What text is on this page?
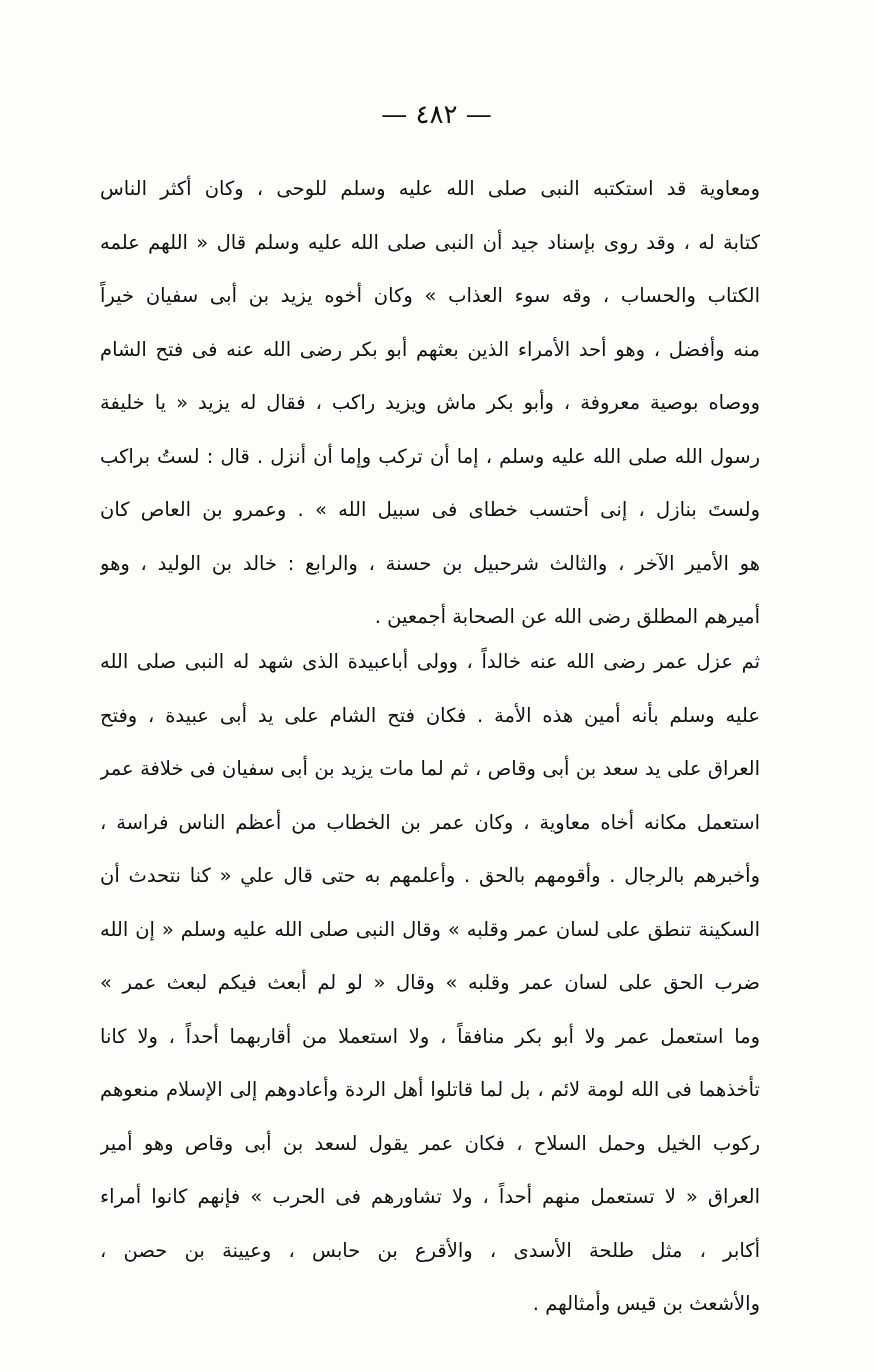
— ٤٨٢ —
ومعاوية قد استكتبه النبى صلى الله عليه وسلم للوحى ، وكان أكثر الناس
كتابة له ، وقد روى بإسناد جيد أن النبى صلى الله عليه وسلم قال « اللهم علمه
الكتاب والحساب ، وقه سوء العذاب » وكان أخوه يزيد بن أبى سفيان خيراً
منه وأفضل ، وهو أحد الأمراء الذين بعثهم أبو بكر رضى الله عنه فى فتح الشام
ووصاه بوصية معروفة ، وأبو بكر ماش ويزيد راكب ، فقال له يزيد « يا خليفة
رسول الله صلى الله عليه وسلم ، إما أن تركب وإما أن أنزل . قال : لستُ براكب
ولستَ بنازل ، إنى أحتسب خطاى فى سبيل الله » . وعمرو بن العاص كان
هو الأمير الآخر ، والثالث شرحبيل بن حسنة ، والرابع : خالد بن الوليد ، وهو
أميرهم المطلق رضى الله عن الصحابة أجمعين .
ثم عزل عمر رضى الله عنه خالداً ، وولى أباعبيدة الذى شهد له النبى صلى الله
عليه وسلم بأنه أمين هذه الأمة . فكان فتح الشام على يد أبى عبيدة ، وفتح
العراق على يد سعد بن أبى وقاص ، ثم لما مات يزيد بن أبى سفيان فى خلافة عمر
استعمل مكانه أخاه معاوية ، وكان عمر بن الخطاب من أعظم الناس فراسة ،
وأخبرهم بالرجال . وأقومهم بالحق . وأعلمهم به حتى قال علي « كنا نتحدث أن
السكينة تنطق على لسان عمر وقلبه » وقال النبى صلى الله عليه وسلم « إن الله
ضرب الحق على لسان عمر وقلبه » وقال « لو لم أبعث فيكم لبعث عمر »
وما استعمل عمر ولا أبو بكر منافقاً ، ولا استعملا من أقاربهما أحداً ، ولا كانا
تأخذهما فى الله لومة لائم ، بل لما قاتلوا أهل الردة وأعادوهم إلى الإسلام منعوهم
ركوب الخيل وحمل السلاح ، فكان عمر يقول لسعد بن أبى وقاص وهو أمير
العراق « لا تستعمل منهم أحداً ، ولا تشاورهم فى الحرب » فإنهم كانوا أمراء
أكابر ، مثل طلحة الأسدى ، والأقرع بن حابس ، وعيينة بن حصن ،
والأشعث بن قيس وأمثالهم .
